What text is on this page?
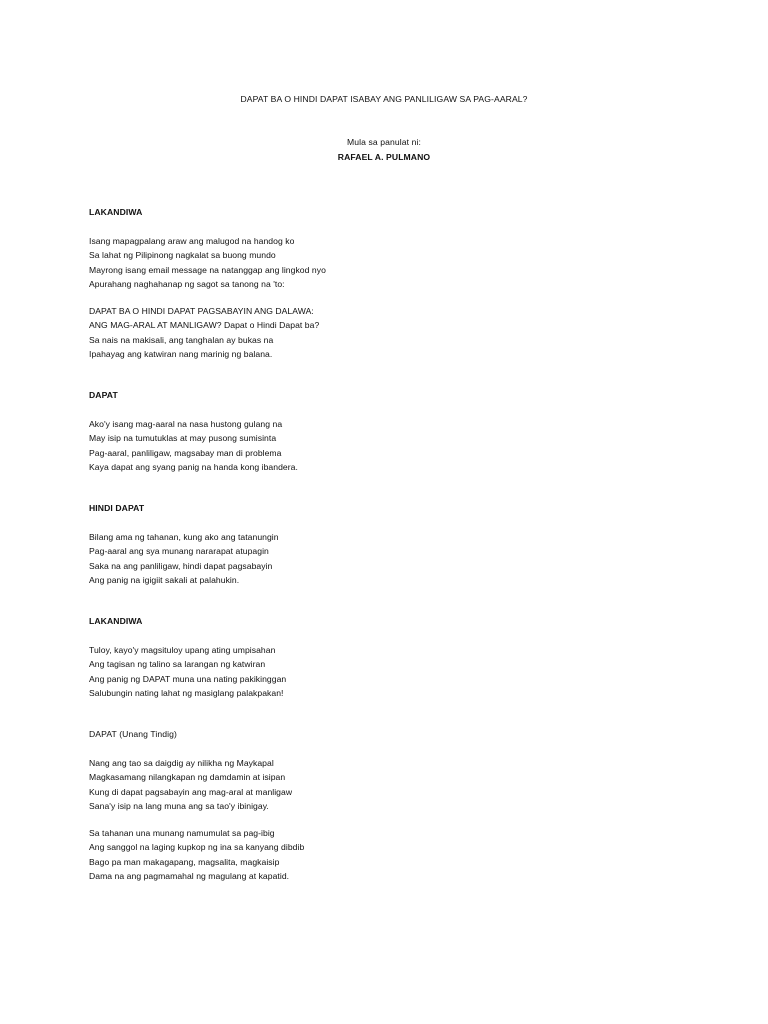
DAPAT BA O HINDI DAPAT ISABAY ANG PANLILIGAW SA PAG-AARAL?
Mula sa panulat ni:
RAFAEL A. PULMANO
LAKANDIWA
Isang mapagpalang araw ang malugod na handog ko
Sa lahat ng Pilipinong nagkalat sa buong mundo
Mayrong isang email message na natanggap ang lingkod nyo
Apurahang naghahanap ng sagot sa tanong na 'to:
DAPAT BA O HINDI DAPAT PAGSABAYIN ANG DALAWA:
ANG MAG-ARAL AT MANLIGAW? Dapat o Hindi Dapat ba?
Sa nais na makisali, ang tanghalan ay bukas na
Ipahayag ang katwiran nang marinig ng balana.
DAPAT
Ako'y isang mag-aaral na nasa hustong gulang na
May isip na tumutuklas at may pusong sumisinta
Pag-aaral, panliligaw, magsabay man di problema
Kaya dapat ang syang panig na handa kong ibandera.
HINDI DAPAT
Bilang ama ng tahanan, kung ako ang tatanungin
Pag-aaral ang sya munang nararapat atupagin
Saka na ang panliligaw, hindi dapat pagsabayin
Ang panig na igigiit sakali at palahukin.
LAKANDIWA
Tuloy, kayo'y magsituloy upang ating umpisahan
Ang tagisan ng talino sa larangan ng katwiran
Ang panig ng DAPAT muna una nating pakikinggan
Salubungin nating lahat ng masiglang palakpakan!
DAPAT (Unang Tindig)
Nang ang tao sa daigdig ay nilikha ng Maykapal
Magkasamang nilangkapan ng damdamin at isipan
Kung di dapat pagsabayin ang mag-aral at manligaw
Sana'y isip na lang muna ang sa tao'y ibinigay.
Sa tahanan una munang namumulat sa pag-ibig
Ang sanggol na laging kupkop ng ina sa kanyang dibdib
Bago pa man makagapang, magsalita, magkaisip
Dama na ang pagmamahal ng magulang at kapatid.
